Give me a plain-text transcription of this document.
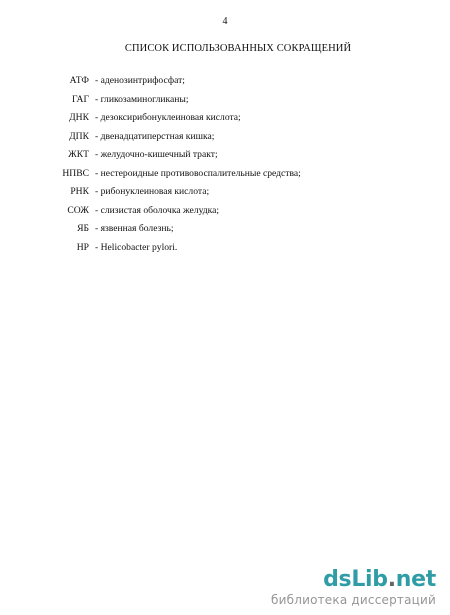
4
СПИСОК ИСПОЛЬЗОВАННЫХ СОКРАЩЕНИЙ
АТФ - аденозинтрифосфат;
ГАГ - гликозаминогликаны;
ДНК - дезоксирибонуклеиновая кислота;
ДПК - двенадцатиперстная кишка;
ЖКТ - желудочно-кишечный тракт;
НПВС - нестероидные противовоспалительные средства;
РНК - рибонуклеиновая кислота;
СОЖ - слизистая оболочка желудка;
ЯБ - язвенная болезнь;
HP - Helicobacter pylori.
dsLib.net
библиотека диссертаций
